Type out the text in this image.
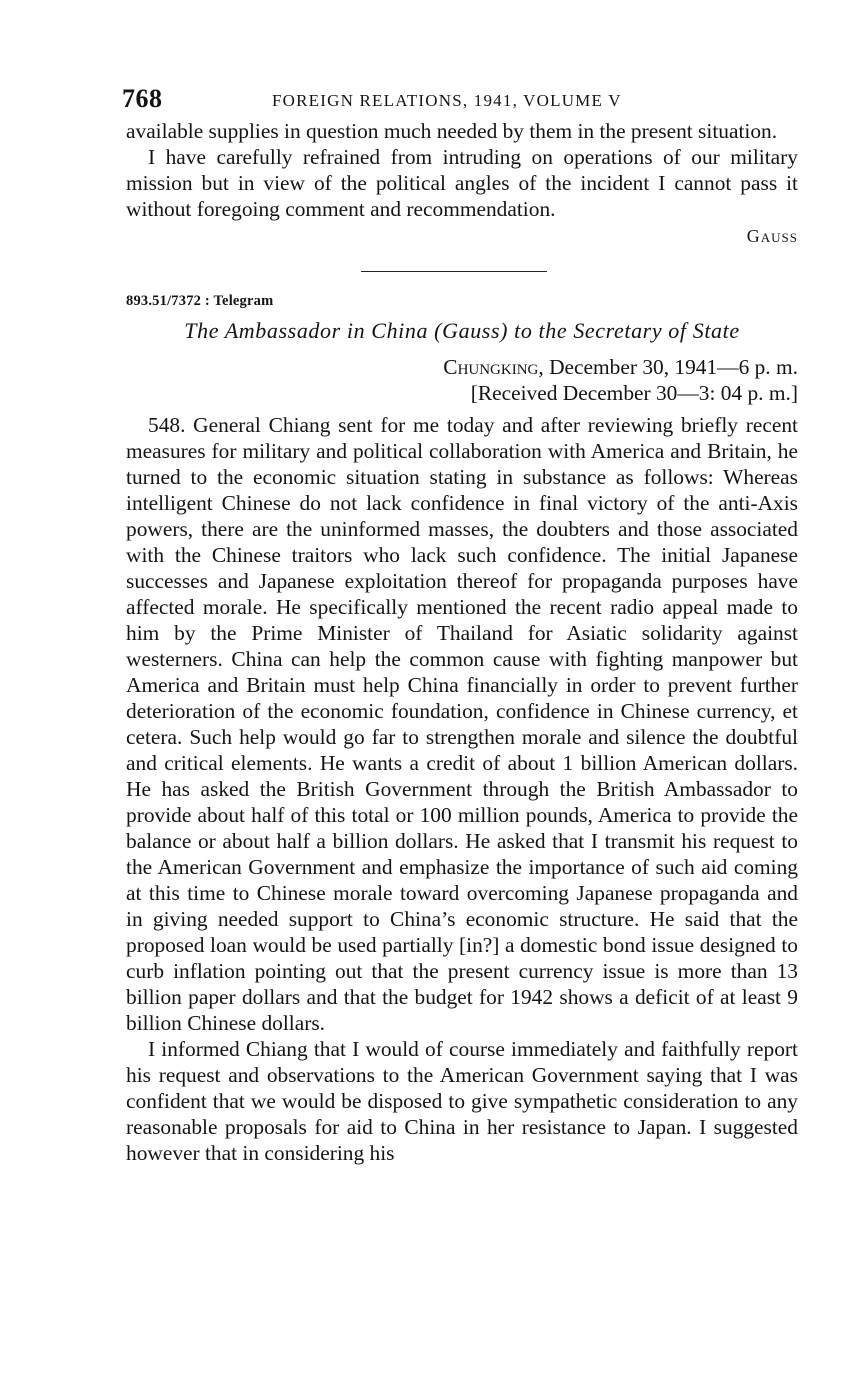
768	FOREIGN RELATIONS, 1941, VOLUME V

available supplies in question much needed by them in the present situation.

I have carefully refrained from intruding on operations of our military mission but in view of the political angles of the incident I cannot pass it without foregoing comment and recommendation.

Gauss
893.51/7372 : Telegram
The Ambassador in China (Gauss) to the Secretary of State
Chungking, December 30, 1941—6 p. m.
[Received December 30—3: 04 p. m.]

548. General Chiang sent for me today and after reviewing briefly recent measures for military and political collaboration with America and Britain, he turned to the economic situation stating in substance as follows: Whereas intelligent Chinese do not lack confidence in final victory of the anti-Axis powers, there are the uninformed masses, the doubters and those associated with the Chinese traitors who lack such confidence. The initial Japanese successes and Japanese exploitation thereof for propaganda purposes have affected morale. He specifically mentioned the recent radio appeal made to him by the Prime Minister of Thailand for Asiatic solidarity against westerners. China can help the common cause with fighting manpower but America and Britain must help China financially in order to prevent further deterioration of the economic foundation, confidence in Chinese currency, et cetera. Such help would go far to strengthen morale and silence the doubtful and critical elements. He wants a credit of about 1 billion American dollars. He has asked the British Government through the British Ambassador to provide about half of this total or 100 million pounds, America to provide the balance or about half a billion dollars. He asked that I transmit his request to the American Government and emphasize the importance of such aid coming at this time to Chinese morale toward overcoming Japanese propaganda and in giving needed support to China’s economic structure. He said that the proposed loan would be used partially [in?] a domestic bond issue designed to curb inflation pointing out that the present currency issue is more than 13 billion paper dollars and that the budget for 1942 shows a deficit of at least 9 billion Chinese dollars.

I informed Chiang that I would of course immediately and faithfully report his request and observations to the American Government saying that I was confident that we would be disposed to give sympathetic consideration to any reasonable proposals for aid to China in her resistance to Japan. I suggested however that in considering his
